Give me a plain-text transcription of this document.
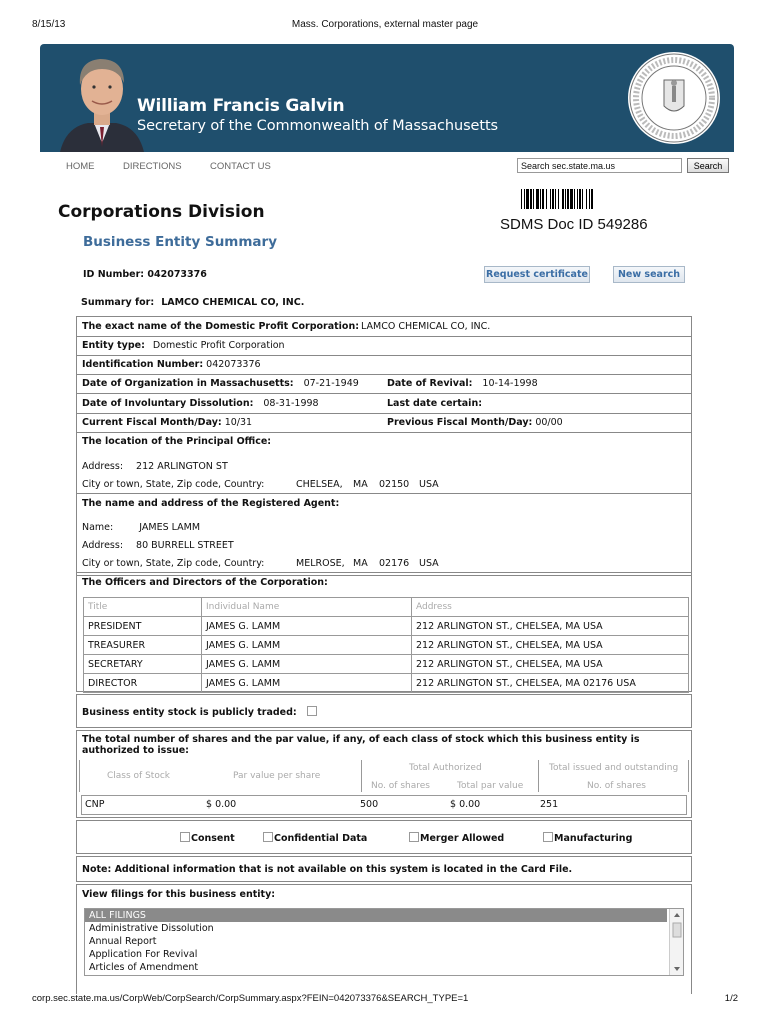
8/15/13	Mass. Corporations, external master page
William Francis Galvin
Secretary of the Commonwealth of Massachusetts
HOME	DIRECTIONS	CONTACT US
Search sec.state.ma.us	Search
SDMS Doc ID 549286
Corporations Division
Business Entity Summary
ID Number: 042073376	Request certificate	New search
Summary for: LAMCO CHEMICAL CO, INC.
The exact name of the Domestic Profit Corporation: LAMCO CHEMICAL CO, INC.
Entity type: Domestic Profit Corporation
Identification Number: 042073376
Date of Organization in Massachusetts: 07-21-1949	Date of Revival: 10-14-1998
Date of Involuntary Dissolution: 08-31-1998	Last date certain:
Current Fiscal Month/Day: 10/31	Previous Fiscal Month/Day: 00/00
The location of the Principal Office:
Address: 212 ARLINGTON ST
City or town, State, Zip code, Country:	CHELSEA, MA 02150 USA
The name and address of the Registered Agent:
Name:	JAMES LAMM
Address: 80 BURRELL STREET
City or town, State, Zip code, Country:	MELROSE, MA 02176 USA
The Officers and Directors of the Corporation:
Title	Individual Name	Address
PRESIDENT	JAMES G. LAMM	212 ARLINGTON ST., CHELSEA, MA USA
TREASURER	JAMES G. LAMM	212 ARLINGTON ST., CHELSEA, MA USA
SECRETARY	JAMES G. LAMM	212 ARLINGTON ST., CHELSEA, MA USA
DIRECTOR	JAMES G. LAMM	212 ARLINGTON ST., CHELSEA, MA 02176 USA
Business entity stock is publicly traded:
The total number of shares and the par value, if any, of each class of stock which this business entity is
authorized to issue:
Class of Stock	Par value per share
Total Authorized	Total issued and outstanding
No. of shares	Total par value	No. of shares
CNP	$ 0.00	500	$ 0.00	251
Consent	Confidential Data	Merger Allowed	Manufacturing
Note: Additional information that is not available on this system is located in the Card File.
View filings for this business entity:
ALL FILINGS
Administrative Dissolution
Annual Report
Application For Revival
Articles of Amendment
corp.sec.state.ma.us/CorpWeb/CorpSearch/CorpSummary.aspx?FEIN=042073376&SEARCH_TYPE=1	1/2
